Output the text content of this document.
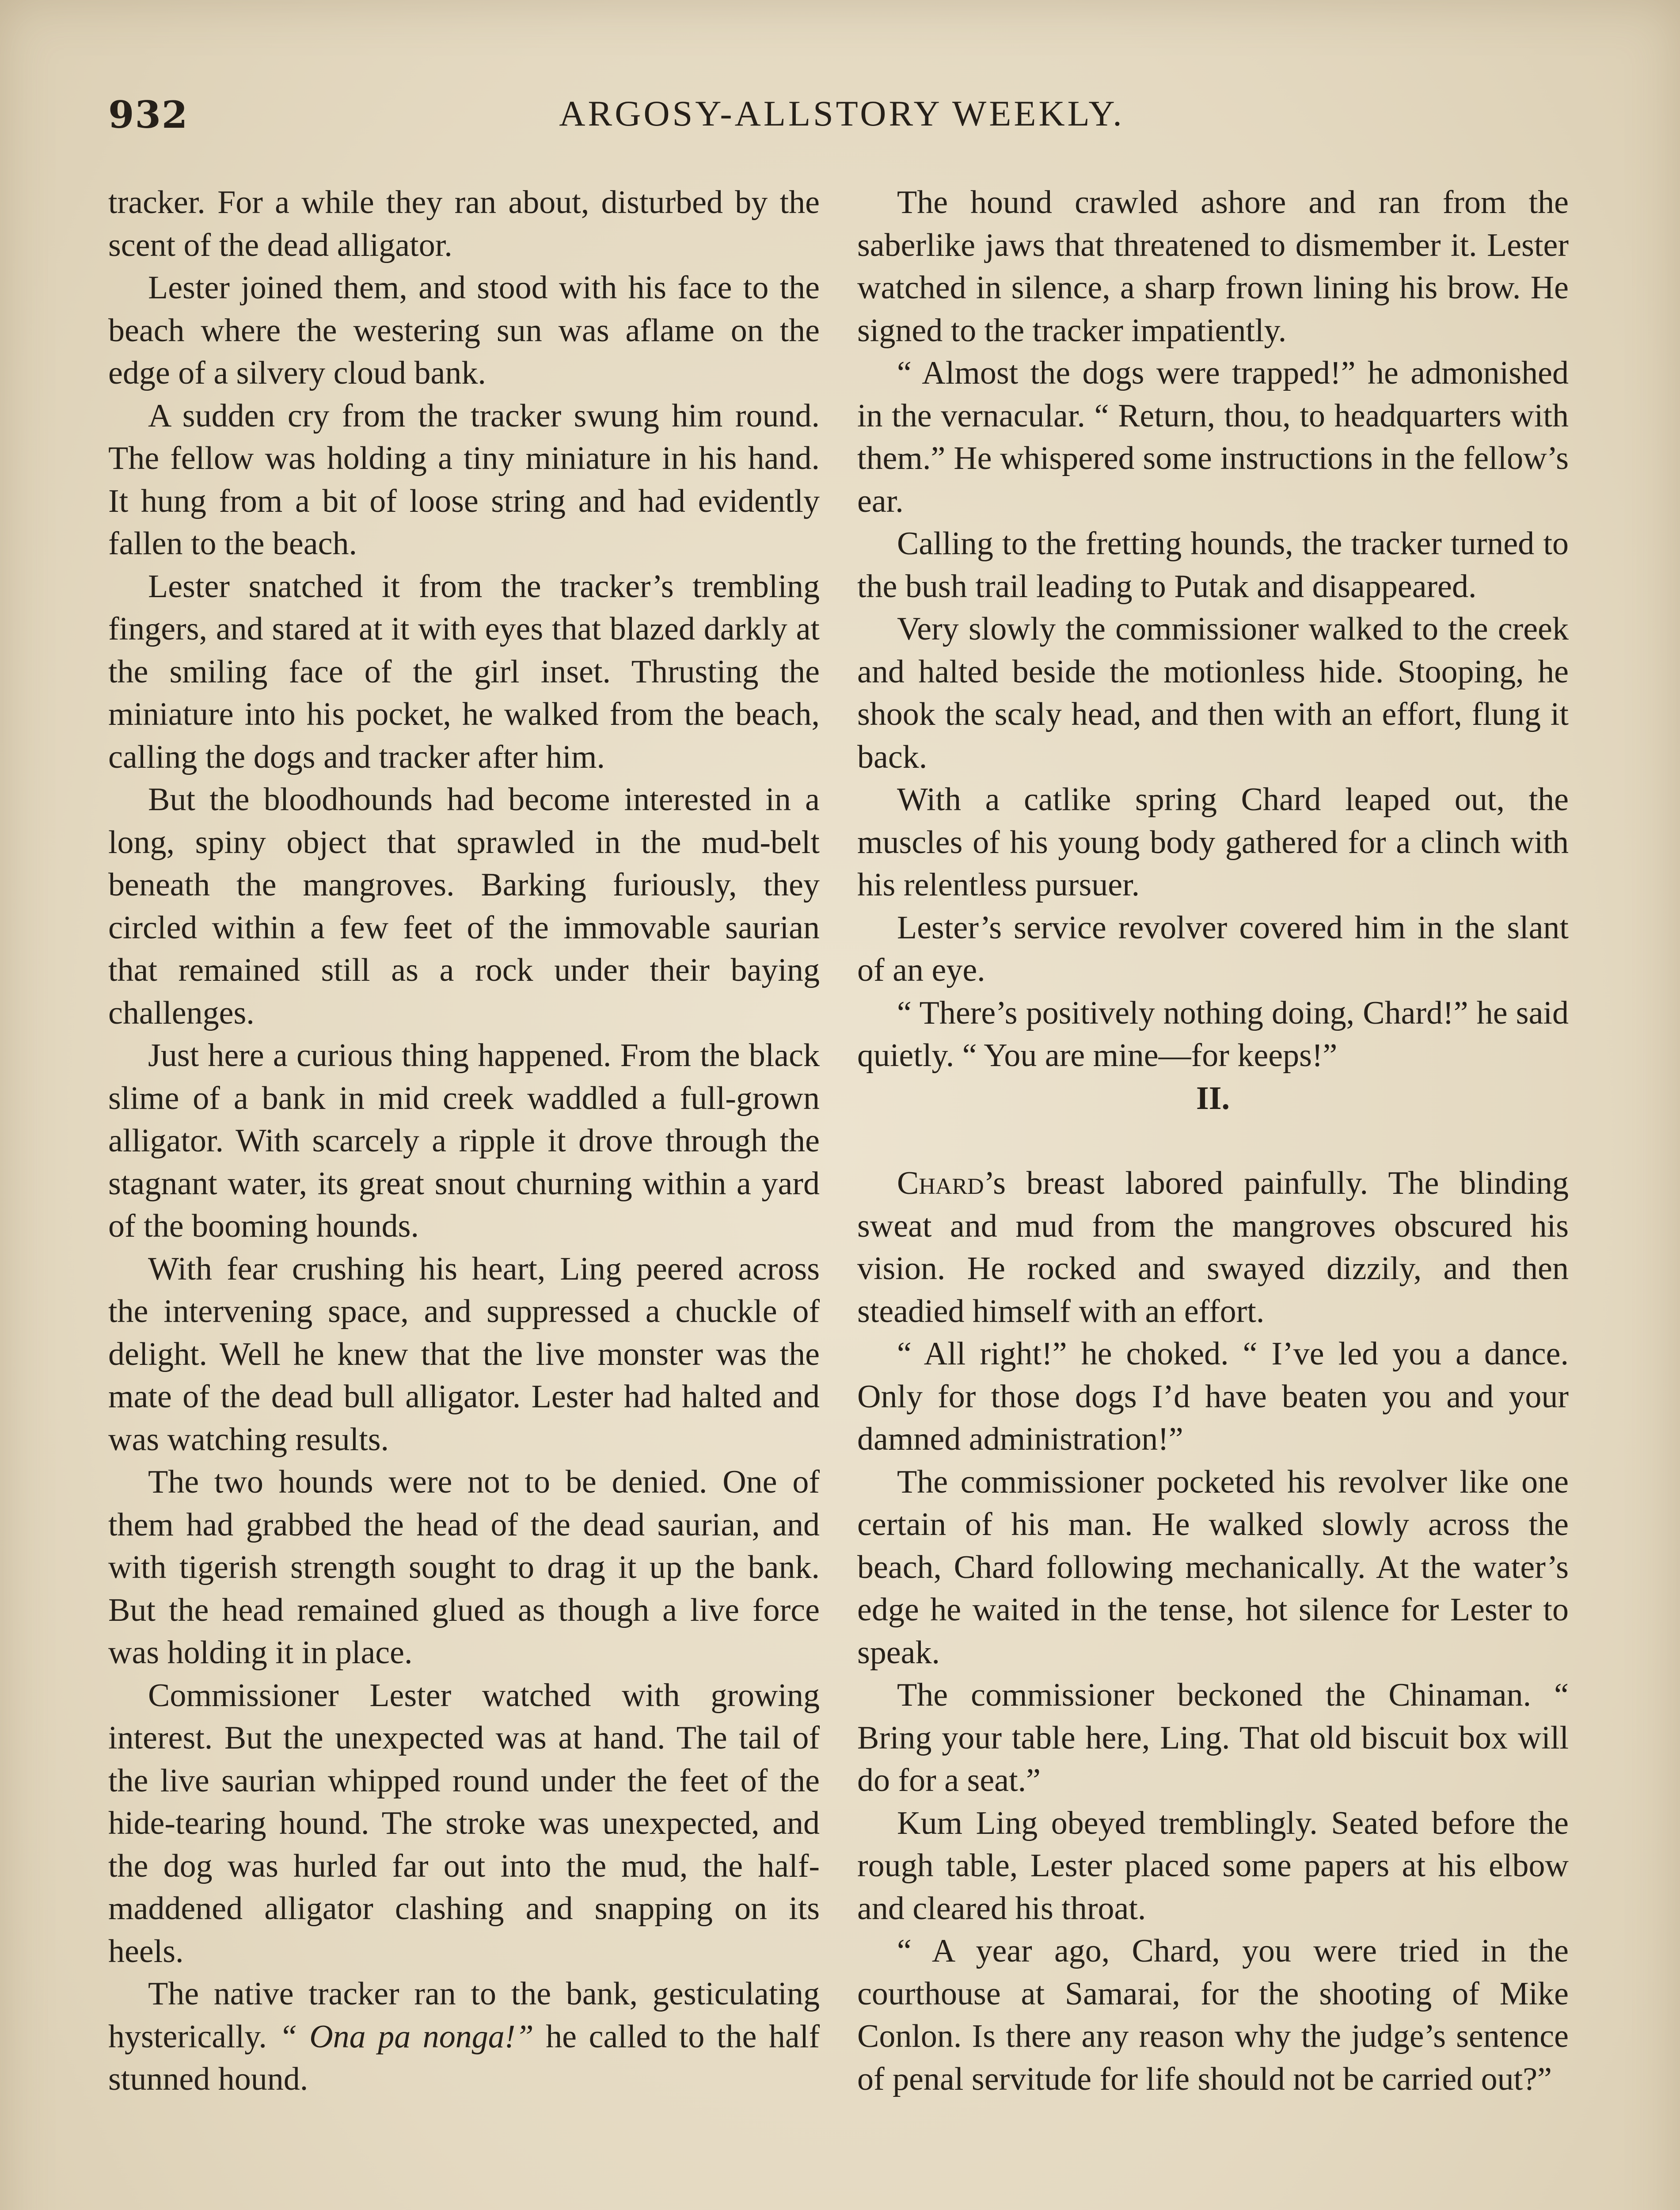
932	ARGOSY-ALLSTORY WEEKLY.

tracker. For a while they ran about, disturbed by the scent of the dead alligator.

Lester joined them, and stood with his face to the beach where the westering sun was aflame on the edge of a silvery cloud bank.

A sudden cry from the tracker swung him round. The fellow was holding a tiny miniature in his hand. It hung from a bit of loose string and had evidently fallen to the beach.

Lester snatched it from the tracker’s trembling fingers, and stared at it with eyes that blazed darkly at the smiling face of the girl inset. Thrusting the miniature into his pocket, he walked from the beach, calling the dogs and tracker after him.

But the bloodhounds had become interested in a long, spiny object that sprawled in the mud-belt beneath the mangroves. Barking furiously, they circled within a few feet of the immovable saurian that remained still as a rock under their baying challenges.

Just here a curious thing happened. From the black slime of a bank in mid creek waddled a full-grown alligator. With scarcely a ripple it drove through the stagnant water, its great snout churning within a yard of the booming hounds.

With fear crushing his heart, Ling peered across the intervening space, and suppressed a chuckle of delight. Well he knew that the live monster was the mate of the dead bull alligator. Lester had halted and was watching results.

The two hounds were not to be denied. One of them had grabbed the head of the dead saurian, and with tigerish strength sought to drag it up the bank. But the head remained glued as though a live force was holding it in place.

Commissioner Lester watched with growing interest. But the unexpected was at hand. The tail of the live saurian whipped round under the feet of the hide-tearing hound. The stroke was unexpected, and the dog was hurled far out into the mud, the half-maddened alligator clashing and snapping on its heels.

The native tracker ran to the bank, gesticulating hysterically. “ Ona pa nonga!” he called to the half stunned hound.

The hound crawled ashore and ran from the saberlike jaws that threatened to dismember it. Lester watched in silence, a sharp frown lining his brow. He signed to the tracker impatiently.

“ Almost the dogs were trapped!” he admonished in the vernacular. “ Return, thou, to headquarters with them.” He whispered some instructions in the fellow’s ear.

Calling to the fretting hounds, the tracker turned to the bush trail leading to Putak and disappeared.

Very slowly the commissioner walked to the creek and halted beside the motionless hide. Stooping, he shook the scaly head, and then with an effort, flung it back.

With a catlike spring Chard leaped out, the muscles of his young body gathered for a clinch with his relentless pursuer.

Lester’s service revolver covered him in the slant of an eye.

“ There’s positively nothing doing, Chard!” he said quietly. “ You are mine—for keeps!”

II.

Chard’s breast labored painfully. The blinding sweat and mud from the mangroves obscured his vision. He rocked and swayed dizzily, and then steadied himself with an effort.

“ All right!” he choked. “ I’ve led you a dance. Only for those dogs I’d have beaten you and your damned administration!”

The commissioner pocketed his revolver like one certain of his man. He walked slowly across the beach, Chard following mechanically. At the water’s edge he waited in the tense, hot silence for Lester to speak.

The commissioner beckoned the Chinaman. “ Bring your table here, Ling. That old biscuit box will do for a seat.”

Kum Ling obeyed tremblingly. Seated before the rough table, Lester placed some papers at his elbow and cleared his throat.

“ A year ago, Chard, you were tried in the courthouse at Samarai, for the shooting of Mike Conlon. Is there any reason why the judge’s sentence of penal servitude for life should not be carried out?”
